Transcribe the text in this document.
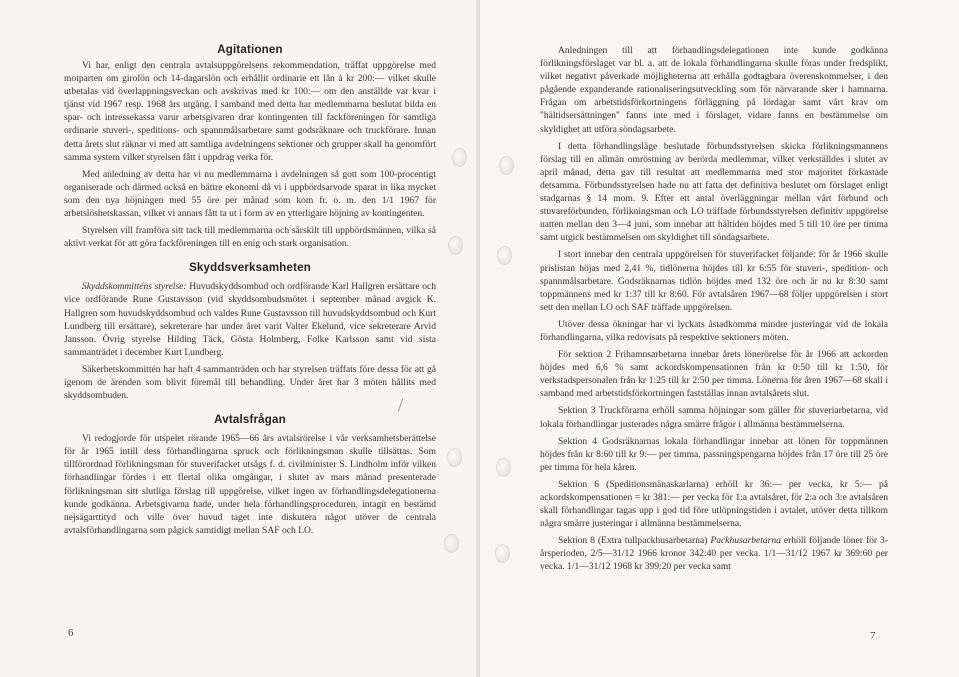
Agitationen

Vi har, enligt den centrala avtalsuppgörelsens rekommendation, träffat uppgörelse med motparten om girolön och 14-dagarslön och erhållit ordinarie ett lån à kr 200:— vilket skulle utbetalas vid överlappningsveckan och avskrivas med kr 100:— om den anställde var kvar i tjänst vid 1967 resp. 1968 års utgång. I samband med detta har medlemmarna beslutat bilda en spar- och intressekassa varur arbetsgivaren drar kontingenten till fackföreningen för samtliga ordinarie stuveri-, speditions- och spannmålsarbetare samt godsräknare och truckförare. Innan detta årets slut räknar vi med att samtliga avdelningens sektioner och grupper skall ha genomfört samma system vilket styrelsen fått i uppdrag verka för.

Med anledning av detta har vi nu medlemmarna i avdelningen så gott som 100-procentigt organiserade och därmed också en bättre ekonomi då vi i uppbördsarvode sparat in lika mycket som den nya höjningen med 55 öre per månad som kom fr. o. m. den 1/1 1967 för arbetslöshetskassan, vilket vi annars fått ta ut i form av en ytterligare höjning av kontingenten.

Styrelsen vill framföra sitt tack till medlemmarna och särskilt till uppbördsmännen, vilka så aktivt verkat för att göra fackföreningen till en enig och stark organisation.

Skyddsverksamheten

Skyddskommitténs styrelse: Huvudskyddsombud och ordförande Karl Hallgren ersättare och vice ordförande Rune Gustavsson (vid skyddsombudsmötet i september månad avgick K. Hallgren som huvudskyddsombud och valdes Rune Gustavsson till huvudskyddsombud och Kurt Lundberg till ersättare), sekreterare har under året varit Valter Ekelund, vice sekreterare Arvid Jansson. Övrig styrelse Hilding Täck, Gösta Holmberg, Folke Karlsson samt vid sista sammanträdet i december Kurt Lundberg.

Säkerhetskommittén har haft 4 sammanträden och har styrelsen träffats före dessa för att gå igenom de ärenden som blivit föremål till behandling. Under året har 3 möten hållits med skyddsombuden.

Avtalsfrågan

Vi redogjorde för utspelet rörande 1965—66 års avtalsrörelse i vår verksamhetsberättelse för år 1965 intill dess förhandlingarna spruck och förlikningsman skulle tillsättas. Som tillförordnad förlikningsman för stuverifacket utsågs f. d. civilminister S. Lindholm inför vilken förhandlingar fördes i ett flertal olika omgångar, i slutet av mars månad presenterade förlikningsman sitt slutliga förslag till uppgörelse, vilket ingen av förhandlingsdelegationerna kunde godkänna. Arbetsgivarna hade, under hela förhandlingsproceduren, intagit en bestämd nejsägarttityd och ville över huvud taget inte diskutera något utöver de centrala avtalsförhandlingarna som pågick samtidigt mellan SAF och LO.

6

Anledningen till att förhandlingsdelegationen inte kunde godkänna förlikningsförslaget var bl. a. att de lokala förhandlingarna skulle föras under fredsplikt, vilket negativt påverkade möjligheterna att erhålla godtagbara överenskommelser, i den pågående expanderande rationaliseringsutveckling som för närvarande sker i hamnarna. Frågan om arbetstidsförkortningens förläggning på lördagar samt vårt krav om "hältidsersättningen" fanns inte med i förslaget, vidare fanns en bestämmelse om skyldighet att utföra söndagsarbete.

I detta förhandlingsläge beslutade förbundsstyrelsen skicka förlikningsmannens förslag till en allmän omröstning av berörda medlemmar, vilket verkställdes i slutet av april månad, detta gav till resultat att medlemmarna med stor majoritet förkastade detsamma. Förbundsstyrelsen hade nu att fatta det definitiva beslutet om förslaget enligt stadgarnas § 14 mom. 9. Efter ett antal överläggningar mellan vårt förbund och stuvareförbunden, förlikningsman och LO träffade förbundsstyrelsen definitiv uppgörelse natten mellan den 3—4 juni, som innebar att hältiden höjdes med 5 till 10 öre per timma samt utgick bestämmelsen om skyldighet till söndagsarbete.

I stort innebar den centrala uppgörelsen för stuverifacket följande: för år 1966 skulle prislistan höjas med 2,41 %, tidlönerna höjdes till kr 6:55 för stuveri-, spedition- och spannmålsarbetare. Godsräknarnas tidlön höjdes med 132 öre och är nu kr 8:30 samt toppmännens med kr 1:37 till kr 8:60. För avtalsåren 1967—68 följer uppgörelsen i stort sett den mellan LO och SAF träffade uppgörelsen.

Utöver dessa ökningar har vi lyckats åstadkomma mindre justeringar vid de lokala förhandlingarna, vilka redovisats på respektive sektioners möten.

För sektion 2 Frihamnsarbetarna innebar årets lönerörelse för år 1966 att ackorden höjdes med 6,6 % samt ackordskompensationen från kr 0:50 till kr 1:50, för verkstadspersonalen från kr 1:25 till kr 2:50 per timma. Lönerna för åren 1967—68 skall i samband med arbetstidsförkortningen fastställas innan avtalsårets slut.

Sektion 3 Truckförarna erhöll samma höjningar som gäller för stuveriarbetarna, vid lokala förhandlingar justerades några smärre frågor i allmänna bestämmelserna.

Sektion 4 Godsräknarnas lokala förhandlingar innebar att lönen för toppmännen höjdes från kr 8:60 till kr 9:— per timma, passningspengarna höjdes från 17 öre till 25 öre per timma för hela kåren.

Sektion 6 (Speditionsmänaskarlarna) erhöll kr 36:— per vecka, kr 5:— på ackordskompensationen = kr 381:— per vecka för 1:a avtalsåret, för 2:a och 3:e avtalsåren skall förhandlingar tagas upp i god tid före utlöpningstiden i avtalet, utöver detta tillkom några smärre justeringar i allmänna bestämmelserna.

Sektion 8 (Extra tullpackhusarbetarna) Packhusarbetarna erhöll följande löner för 3-årsperioden, 2/5—31/12 1966 kronor 342:40 per vecka. 1/1—31/12 1967 kr 369:60 per vecka. 1/1—31/12 1968 kr 399:20 per vecka samt

7
